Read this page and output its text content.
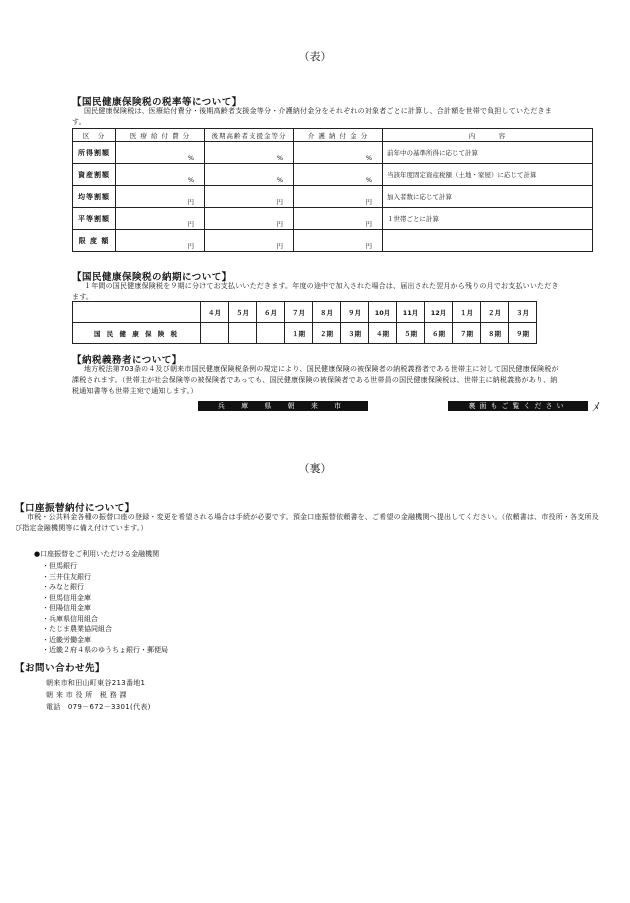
（表）
【国民健康保険税の税率等について】
国民健康保険税は、医療給付費分・後期高齢者支援金等分・介護納付金分をそれぞれの対象者ごとに計算し、合計額を世帯で負担していただきます。
区　分	医 療 給 付 費 分	後期高齢者支援金等分	介 護 納 付 金 分	内　　　容
所得割額	%	%	%	前年中の基準所得に応じて計算
資産割額	%	%	%	当該年度固定資産税額（土地・家屋）に応じて計算
均等割額	円	円	円	加入者数に応じて計算
平等割額	円	円	円	１世帯ごとに計算
限 度 額	円	円	円	
【国民健康保険税の納期について】
１年間の国民健康保険税を９期に分けてお支払いいただきます。年度の途中で加入された場合は、届出された翌月から残りの月でお支払いいただきます。
	４月	５月	６月	７月	８月	９月	10月	11月	12月	１月	２月	３月
国 民 健 康 保 険 税				１期	２期	３期	４期	５期	６期	７期	８期	９期
【納税義務者について】
地方税法第703条の４及び朝来市国民健康保険税条例の規定により、国民健康保険の被保険者の納税義務者である世帯主に対して国民健康保険税が課税されます。（世帯主が社会保険等の被保険者であっても、国民健康保険の被保険者である世帯員の国民健康保険税は、世帯主に納税義務があり、納税通知書等も世帯主宛で通知します。）
兵 庫 県 朝 来 市	裏面もご覧ください	ﾒ
（裏）
【口座振替納付について】
市税・公共料金各種の振替口座の登録・変更を希望される場合は手続が必要です。預金口座振替依頼書を、ご希望の金融機関へ提出してください。（依頼書は、市役所・各支所及び指定金融機関等に備え付けています。）
●口座振替をご利用いただける金融機関
・但馬銀行
・三井住友銀行
・みなと銀行
・但馬信用金庫
・但陽信用金庫
・兵庫県信用組合
・たじま農業協同組合
・近畿労働金庫
・近畿２府４県のゆうちょ銀行・郵便局
【お問い合わせ先】
朝来市和田山町東谷213番地1
朝 来 市 役 所　税 務 課
電話　079－672－3301(代表)
